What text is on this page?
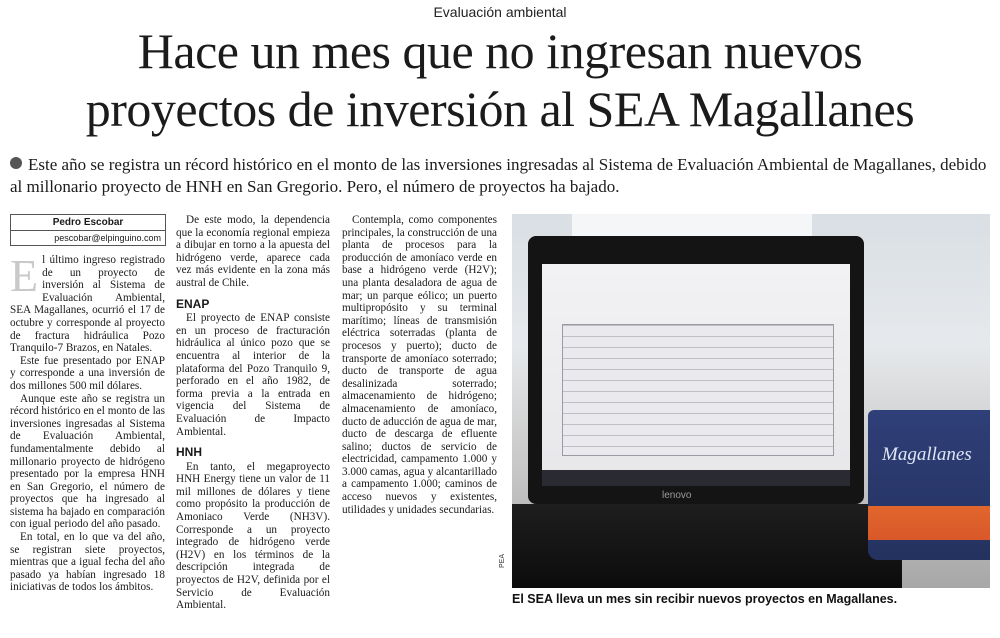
Evaluación ambiental
Hace un mes que no ingresan nuevos
proyectos de inversión al SEA Magallanes
Este año se registra un récord histórico en el monto de las inversiones ingresadas al Sistema de Evaluación Ambiental de Magallanes, debido al millonario proyecto de HNH en San Gregorio. Pero, el número de proyectos ha bajado.
Pedro Escobar
pescobar@elpinguino.com
E l último ingreso registrado de un proyecto de inversión al Sistema de Evaluación Ambiental, SEA Magallanes, ocurrió el 17 de octubre y corresponde al proyecto de fractura hidráulica Pozo Tranquilo-7 Brazos, en Natales.

Este fue presentado por ENAP y corresponde a una inversión de dos millones 500 mil dólares.

Aunque este año se registra un récord histórico en el monto de las inversiones ingresadas al Sistema de Evaluación Ambiental, fundamentalmente debido al millonario proyecto de hidrógeno presentado por la empresa HNH en San Gregorio, el número de proyectos que ha ingresado al sistema ha bajado en comparación con igual periodo del año pasado.

En total, en lo que va del año, se registran siete proyectos, mientras que a igual fecha del año pasado ya habían ingresado 18 iniciativas de todos los ámbitos.

De este modo, la dependencia que la economía regional empieza a dibujar en torno a la apuesta del hidrógeno verde, aparece cada vez más evidente en la zona más austral de Chile.

ENAP

El proyecto de ENAP consiste en un proceso de fracturación hidráulica al único pozo que se encuentra al interior de la plataforma del Pozo Tranquilo 9, perforado en el año 1982, de forma previa a la entrada en vigencia del Sistema de Evaluación de Impacto Ambiental.

HNH

En tanto, el megaproyecto HNH Energy tiene un valor de 11 mil millones de dólares y tiene como propósito la producción de Amoniaco Verde (NH3V). Corresponde a un proyecto integrado de hidrógeno verde (H2V) en los términos de la descripción integrada de proyectos de H2V, definida por el Servicio de Evaluación Ambiental.

Contempla, como componentes principales, la construcción de una planta de procesos para la producción de amoníaco verde en base a hidrógeno verde (H2V); una planta desaladora de agua de mar; un parque eólico; un puerto multipropósito y su terminal marítimo; líneas de transmisión eléctrica soterradas (planta de procesos y puerto); ducto de transporte de amoníaco soterrado; ducto de transporte de agua desalinizada soterrado; almacenamiento de hidrógeno; almacenamiento de amoníaco, ducto de aducción de agua de mar, ducto de descarga de efluente salino; ductos de servicio de electricidad, campamento 1.000 y 3.000 camas, agua y alcantarillado a campamento 1.000; caminos de acceso nuevos y existentes, utilidades y unidades secundarias.

lenovo
Magallanes
PEA
El SEA lleva un mes sin recibir nuevos proyectos en Magallanes.
